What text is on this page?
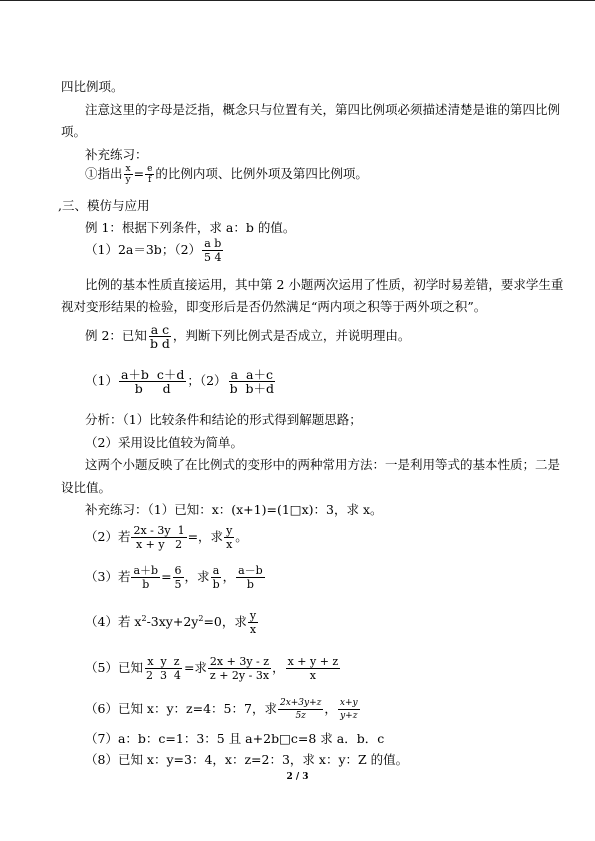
四比例项。
注意这里的字母是泛指，概念只与位置有关，第四比例项必须描述清楚是谁的第四比例
项。
补充练习：
①指出 $\frac{x}{y} = \frac{e}{f}$ 的比例内项、比例外项及第四比例项。
,三、模仿与应用
例 1：根据下列条件，求 a：b 的值。
（1）2a＝3b；$(2) \frac{\text{a b}}{5 4}$
比例的基本性质直接运用，其中第 2 小题两次运用了性质，初学时易差错，要求学生重
视对变形结果的检验，即变形后是否仍然满足“两内项之积等于两外项之积”。
例 2：已知 $\frac{\text{a c}}{\text{b d}}$ ，判断下列比例式是否成立，并说明理由。
$(1) \frac{\text{a＋b  c＋d}}{\text{b     d}}$ ；$(2) \frac{\text{a  a＋c}}{\text{b  b＋d}}$
分析：（1）比较条件和结论的形式得到解题思路；
（2）采用设比值较为简单。
这两个小题反映了在比例式的变形中的两种常用方法：一是利用等式的基本性质；二是
设比值。
补充练习：（1）已知：x：(x+1)=(1□x)：3，求 x。
（2）若 $\frac{2x - 3y 1}{x + y 2}$ =，求 $\frac{y}{x}$ 。
（3）若 $\frac{a+b}{b} = \frac{6}{5}$ ，求 $\frac{a}{b}$ ， $\frac{a-b}{b}$
（4）若 $x^2-3xy+2y^2=0$，求 $\frac{y}{x}$
（5）已知 $\frac{\text{x  y  z}}{2 3 4}$ =求 $\frac{2x + 3y - z}{z + 2y - 3x}$ ， $\frac{x + y + z}{x}$
（6）已知 x：y：z=4：5：7，求 $\frac{2x+3y+z}{5z}$ ， $\frac{x+y}{y+z}$
（7）a：b：c=1：3：5 且 a+2b□c=8 求 a．b．c
（8）已知 x：y=3：4，x：z=2：3，求 x：y：Z 的值。
2 / 3
